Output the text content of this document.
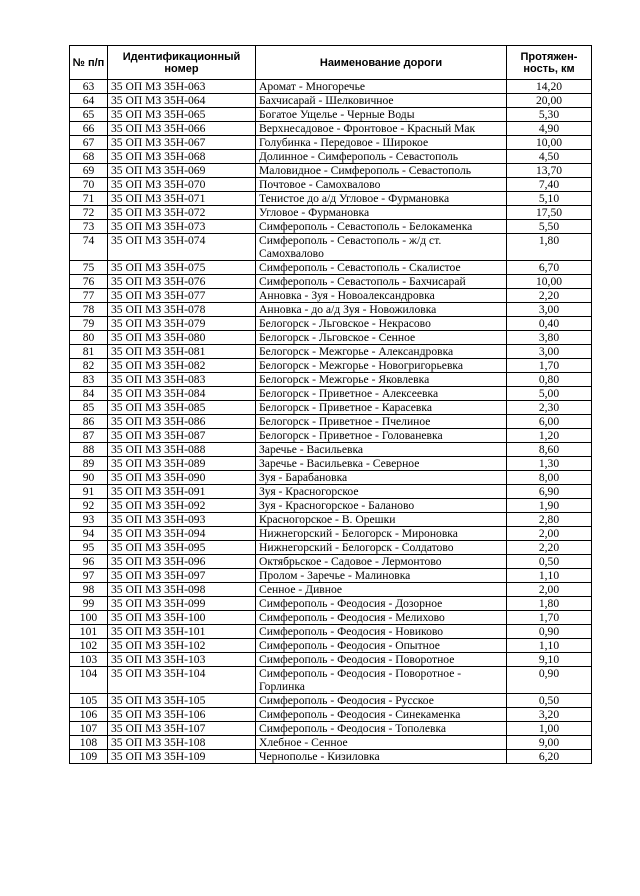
№ п/п	Идентификационный номер	Наименование дороги	Протяжен-ность, км
63	35 ОП МЗ 35Н-063	Аромат - Многоречье	14,20
64	35 ОП МЗ 35Н-064	Бахчисарай - Шелковичное	20,00
65	35 ОП МЗ 35Н-065	Богатое Ущелье - Черные Воды	5,30
66	35 ОП МЗ 35Н-066	Верхнесадовое - Фронтовое - Красный Мак	4,90
67	35 ОП МЗ 35Н-067	Голубинка - Передовое - Широкое	10,00
68	35 ОП МЗ 35Н-068	Долинное - Симферополь - Севастополь	4,50
69	35 ОП МЗ 35Н-069	Маловидное - Симферополь - Севастополь	13,70
70	35 ОП МЗ 35Н-070	Почтовое - Самохвалово	7,40
71	35 ОП МЗ 35Н-071	Тенистое до а/д Угловое - Фурмановка	5,10
72	35 ОП МЗ 35Н-072	Угловое - Фурмановка	17,50
73	35 ОП МЗ 35Н-073	Симферополь - Севастополь - Белокаменка	5,50
74	35 ОП МЗ 35Н-074	Симферополь - Севастополь - ж/д ст. Самохвалово	1,80
75	35 ОП МЗ 35Н-075	Симферополь - Севастополь - Скалистое	6,70
76	35 ОП МЗ 35Н-076	Симферополь - Севастополь - Бахчисарай	10,00
77	35 ОП МЗ 35Н-077	Анновка - Зуя - Новоалександровка	2,20
78	35 ОП МЗ 35Н-078	Анновка - до а/д Зуя - Новожиловка	3,00
79	35 ОП МЗ 35Н-079	Белогорск - Льговское - Некрасово	0,40
80	35 ОП МЗ 35Н-080	Белогорск - Льговское - Сенное	3,80
81	35 ОП МЗ 35Н-081	Белогорск - Межгорье - Александровка	3,00
82	35 ОП МЗ 35Н-082	Белогорск - Межгорье - Новогригорьевка	1,70
83	35 ОП МЗ 35Н-083	Белогорск - Межгорье - Яковлевка	0,80
84	35 ОП МЗ 35Н-084	Белогорск - Приветное - Алексеевка	5,00
85	35 ОП МЗ 35Н-085	Белогорск - Приветное - Карасевка	2,30
86	35 ОП МЗ 35Н-086	Белогорск - Приветное - Пчелиное	6,00
87	35 ОП МЗ 35Н-087	Белогорск - Приветное - Голованевка	1,20
88	35 ОП МЗ 35Н-088	Заречье - Васильевка	8,60
89	35 ОП МЗ 35Н-089	Заречье - Васильевка - Северное	1,30
90	35 ОП МЗ 35Н-090	Зуя - Барабановка	8,00
91	35 ОП МЗ 35Н-091	Зуя - Красногорское	6,90
92	35 ОП МЗ 35Н-092	Зуя - Красногорское - Баланово	1,90
93	35 ОП МЗ 35Н-093	Красногорское - В. Орешки	2,80
94	35 ОП МЗ 35Н-094	Нижнегорский - Белогорск - Мироновка	2,00
95	35 ОП МЗ 35Н-095	Нижнегорский - Белогорск - Солдатово	2,20
96	35 ОП МЗ 35Н-096	Октябрьское - Садовое - Лермонтово	0,50
97	35 ОП МЗ 35Н-097	Пролом - Заречье - Малиновка	1,10
98	35 ОП МЗ 35Н-098	Сенное - Дивное	2,00
99	35 ОП МЗ 35Н-099	Симферополь - Феодосия - Дозорное	1,80
100	35 ОП МЗ 35Н-100	Симферополь - Феодосия - Мелихово	1,70
101	35 ОП МЗ 35Н-101	Симферополь - Феодосия - Новиково	0,90
102	35 ОП МЗ 35Н-102	Симферополь - Феодосия - Опытное	1,10
103	35 ОП МЗ 35Н-103	Симферополь - Феодосия - Поворотное	9,10
104	35 ОП МЗ 35Н-104	Симферополь - Феодосия - Поворотное - Горлинка	0,90
105	35 ОП МЗ 35Н-105	Симферополь - Феодосия - Русское	0,50
106	35 ОП МЗ 35Н-106	Симферополь - Феодосия - Синекаменка	3,20
107	35 ОП МЗ 35Н-107	Симферополь - Феодосия - Тополевка	1,00
108	35 ОП МЗ 35Н-108	Хлебное - Сенное	9,00
109	35 ОП МЗ 35Н-109	Чернополье - Кизиловка	6,20
